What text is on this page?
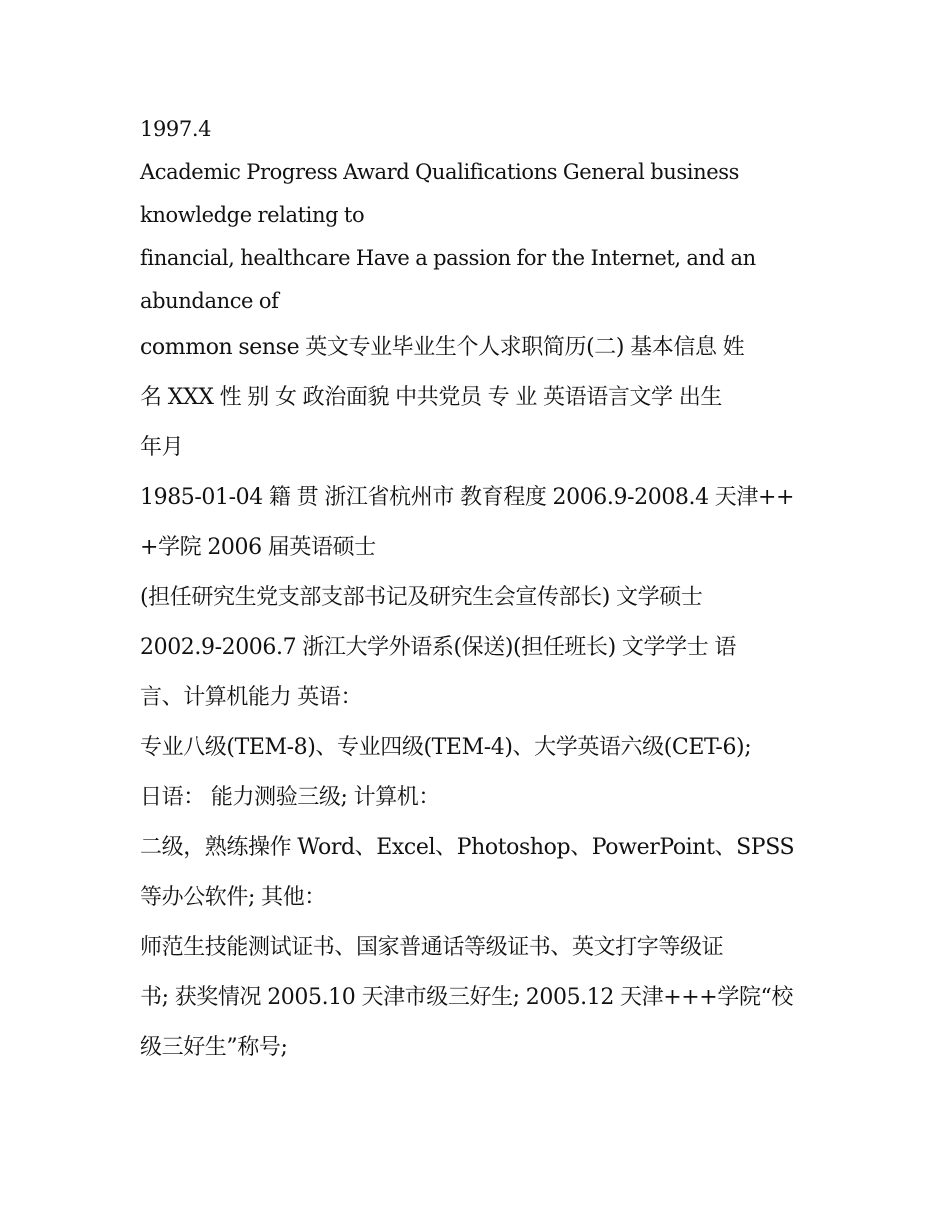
1997.4

Academic Progress Award Qualifications General business
knowledge relating to

financial, healthcare Have a passion for the Internet, and an
abundance of

common sense 英文专业毕业生个人求职简历(二) 基本信息 姓
名 XXX 性 别 女 政治面貌 中共党员 专 业 英语语言文学 出生
年月

1985-01-04 籍 贯 浙江省杭州市 教育程度 2006.9-2008.4 天津++
+学院 2006 届英语硕士

(担任研究生党支部支部书记及研究生会宣传部长) 文学硕士
2002.9-2006.7 浙江大学外语系(保送)(担任班长) 文学学士 语
言、计算机能力 英语：

专业八级(TEM-8)、专业四级(TEM-4)、大学英语六级(CET-6);
日语： 能力测验三级; 计算机：

二级，熟练操作 Word、Excel、Photoshop、PowerPoint、SPSS
等办公软件; 其他：

师范生技能测试证书、国家普通话等级证书、英文打字等级证
书; 获奖情况 2005.10 天津市级三好生; 2005.12 天津+++学院“校
级三好生”称号;
